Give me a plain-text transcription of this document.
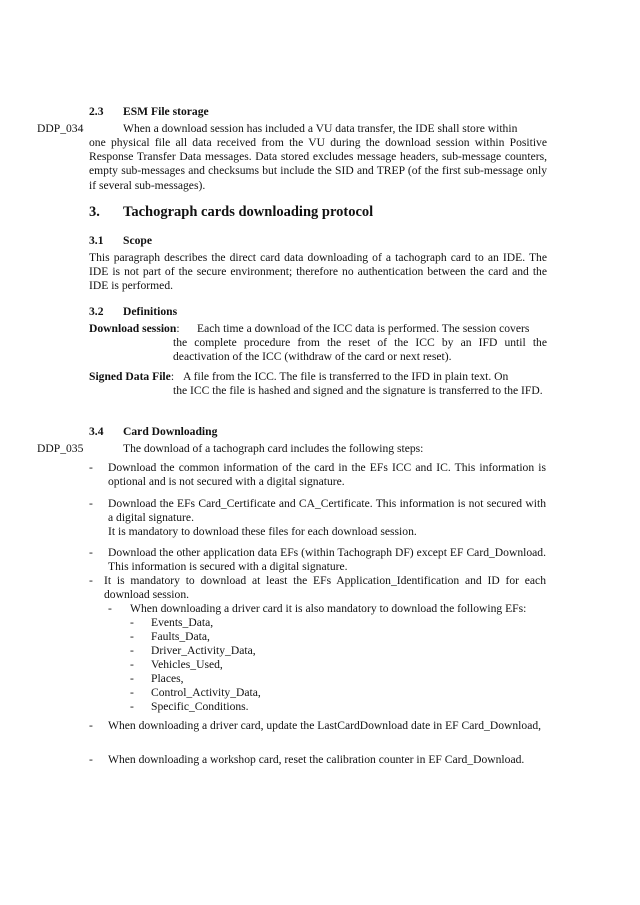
2.3 ESM File storage
DDP_034	When a download session has included a VU data transfer, the IDE shall store within
one physical file all data received from the VU during the download session within Positive Response Transfer Data messages. Data stored excludes message headers, sub-message counters, empty sub-messages and checksums but include the SID and TREP (of the first sub-message only if several sub-messages).
3. Tachograph cards downloading protocol
3.1 Scope
This paragraph describes the direct card data downloading of a tachograph card to an IDE. The IDE is not part of the secure environment; therefore no authentication between the card and the IDE is performed.
3.2 Definitions
Download session: Each time a download of the ICC data is performed. The session covers
the complete procedure from the reset of the ICC by an IFD until the deactivation of the ICC (withdraw of the card or next reset).
Signed Data File: A file from the ICC. The file is transferred to the IFD in plain text. On
the ICC the file is hashed and signed and the signature is transferred to the IFD.
3.4 Card Downloading
DDP_035	The download of a tachograph card includes the following steps:
- Download the common information of the card in the EFs ICC and IC. This information is optional and is not secured with a digital signature.
- Download the EFs Card_Certificate and CA_Certificate. This information is not secured with a digital signature.
It is mandatory to download these files for each download session.
- Download the other application data EFs (within Tachograph DF) except EF Card_Download. This information is secured with a digital signature.
- It is mandatory to download at least the EFs Application_Identification and ID for each download session.
- When downloading a driver card it is also mandatory to download the following EFs:
- Events_Data,
- Faults_Data,
- Driver_Activity_Data,
- Vehicles_Used,
- Places,
- Control_Activity_Data,
- Specific_Conditions.
- When downloading a driver card, update the LastCardDownload date in EF Card_Download,
- When downloading a workshop card, reset the calibration counter in EF Card_Download.
